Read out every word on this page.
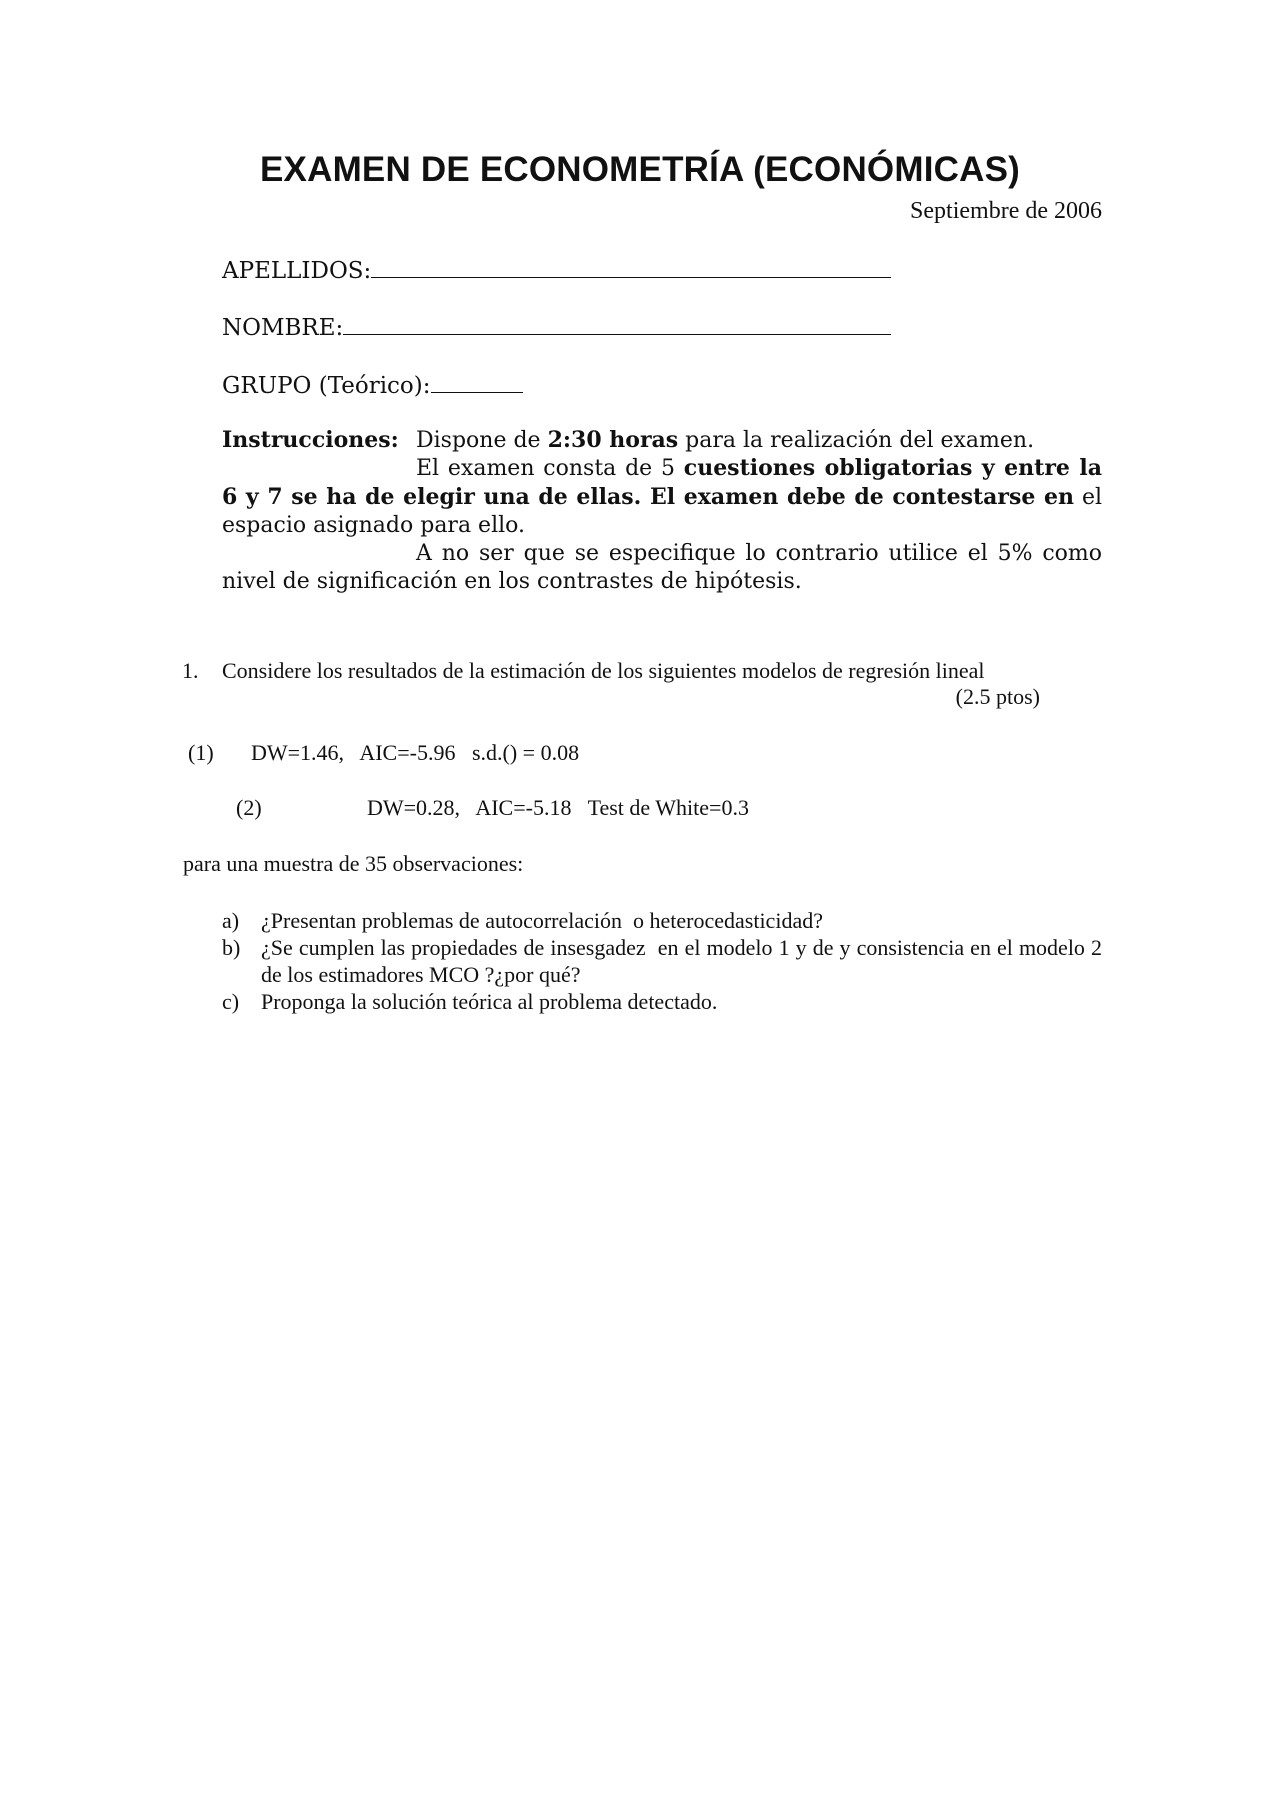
EXAMEN DE ECONOMETRÍA (ECONÓMICAS)
Septiembre de 2006
APELLIDOS:
NOMBRE:
GRUPO (Teórico):
Instrucciones: Dispone de 2:30 horas para la realización del examen.

El examen consta de 5 cuestiones obligatorias y entre la 6 y 7 se ha de elegir una de ellas. El examen debe de contestarse en el espacio asignado para ello.

A no ser que se especifique lo contrario utilice el 5% como nivel de significación en los contrastes de hipótesis.

1. Considere los resultados de la estimación de los siguientes modelos de regresión lineal
(2.5 ptos)
(1) DW=1.46,   AIC=-5.96   s.d.() = 0.08
(2)	DW=0.28,   AIC=-5.18   Test de White=0.3
para una muestra de 35 observaciones:
a) ¿Presentan problemas de autocorrelación  o heterocedasticidad?
b) ¿Se cumplen las propiedades de insesgadez  en el modelo 1 y de y consistencia en el modelo 2 de los estimadores MCO ?¿por qué?
c) Proponga la solución teórica al problema detectado.
